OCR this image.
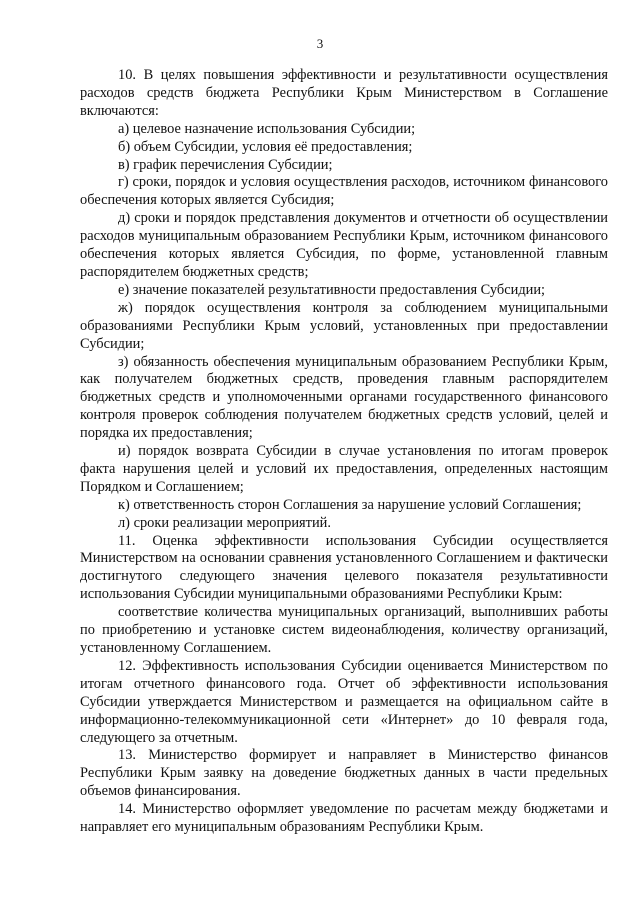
3

10. В целях повышения эффективности и результативности осуществления расходов средств бюджета Республики Крым Министерством в Соглашение включаются:

а) целевое назначение использования Субсидии;

б) объем Субсидии, условия её предоставления;

в) график перечисления Субсидии;

г) сроки, порядок и условия осуществления расходов, источником финансового обеспечения которых является Субсидия;

д) сроки и порядок представления документов и отчетности об осуществлении расходов муниципальным образованием Республики Крым, источником финансового обеспечения которых является Субсидия, по форме, установленной главным распорядителем бюджетных средств;

е) значение показателей результативности предоставления Субсидии;

ж) порядок осуществления контроля за соблюдением муниципальными образованиями Республики Крым условий, установленных при предоставлении Субсидии;

з) обязанность обеспечения муниципальным образованием Республики Крым, как получателем бюджетных средств, проведения главным распорядителем бюджетных средств и уполномоченными органами государственного финансового контроля проверок соблюдения получателем бюджетных средств условий, целей и порядка их предоставления;

и) порядок возврата Субсидии в случае установления по итогам проверок факта нарушения целей и условий их предоставления, определенных настоящим Порядком и Соглашением;

к) ответственность сторон Соглашения за нарушение условий Соглашения;

л) сроки реализации мероприятий.

11. Оценка эффективности использования Субсидии осуществляется Министерством на основании сравнения установленного Соглашением и фактически достигнутого следующего значения целевого показателя результативности использования Субсидии муниципальными образованиями Республики Крым:

соответствие количества муниципальных организаций, выполнивших работы по приобретению и установке систем видеонаблюдения, количеству организаций, установленному Соглашением.

12. Эффективность использования Субсидии оценивается Министерством по итогам отчетного финансового года. Отчет об эффективности использования Субсидии утверждается Министерством и размещается на официальном сайте в информационно-телекоммуникационной сети «Интернет» до 10 февраля года, следующего за отчетным.

13. Министерство формирует и направляет в Министерство финансов Республики Крым заявку на доведение бюджетных данных в части предельных объемов финансирования.

14. Министерство оформляет уведомление по расчетам между бюджетами и направляет его муниципальным образованиям Республики Крым.
